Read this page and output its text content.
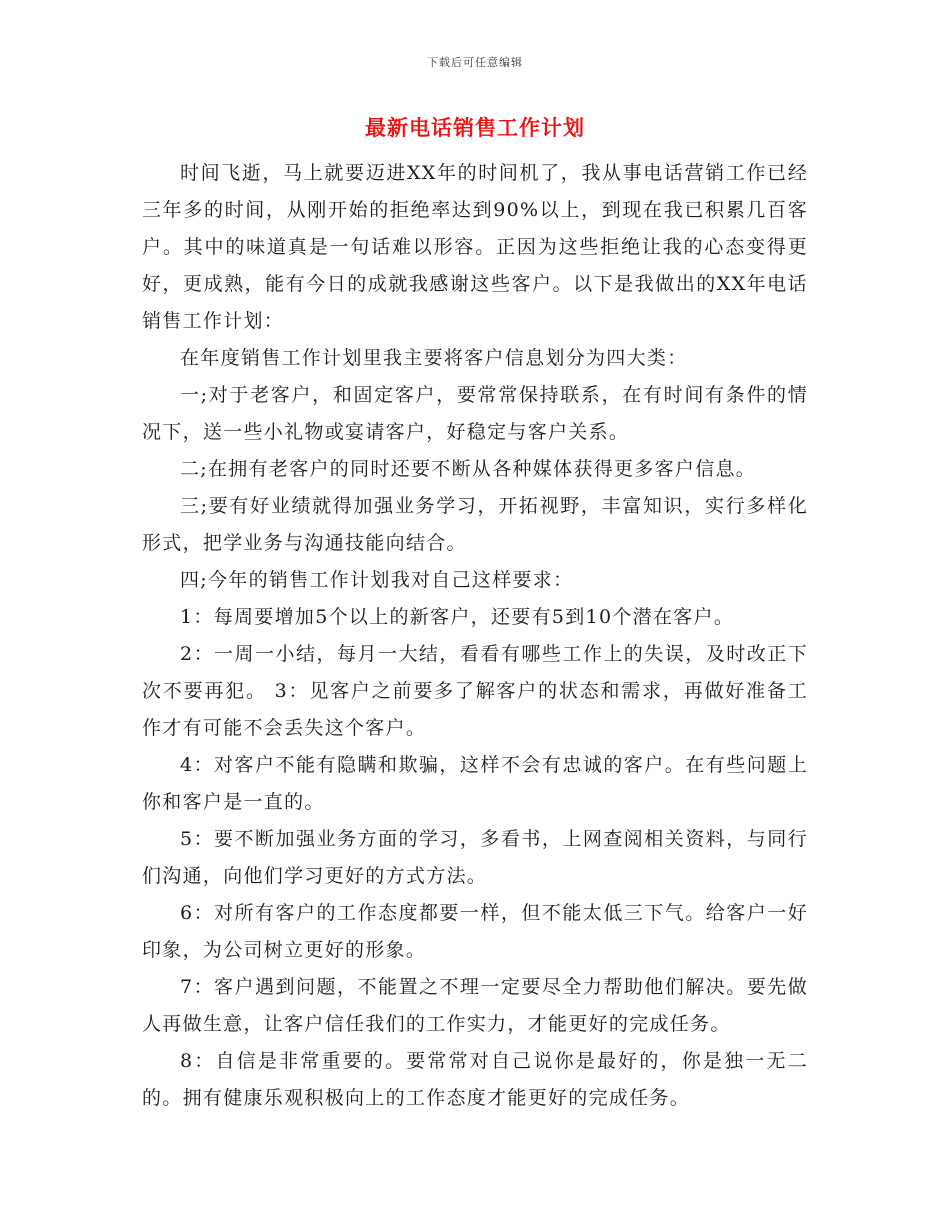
下载后可任意编辑
最新电话销售工作计划

时间飞逝，马上就要迈进XX年的时间机了，我从事电话营销工作已经三年多的时间，从刚开始的拒绝率达到90%以上，到现在我已积累几百客户。其中的味道真是一句话难以形容。正因为这些拒绝让我的心态变得更好，更成熟，能有今日的成就我感谢这些客户。以下是我做出的XX年电话销售工作计划：

在年度销售工作计划里我主要将客户信息划分为四大类：

一;对于老客户，和固定客户，要常常保持联系，在有时间有条件的情况下，送一些小礼物或宴请客户，好稳定与客户关系。

二;在拥有老客户的同时还要不断从各种媒体获得更多客户信息。

三;要有好业绩就得加强业务学习，开拓视野，丰富知识，实行多样化形式，把学业务与沟通技能向结合。

四;今年的销售工作计划我对自己这样要求：

1：每周要增加5个以上的新客户，还要有5到10个潜在客户。

2：一周一小结，每月一大结，看看有哪些工作上的失误，及时改正下次不要再犯。 3：见客户之前要多了解客户的状态和需求，再做好准备工作才有可能不会丢失这个客户。

4：对客户不能有隐瞒和欺骗，这样不会有忠诚的客户。在有些问题上你和客户是一直的。

5：要不断加强业务方面的学习，多看书，上网查阅相关资料，与同行们沟通，向他们学习更好的方式方法。

6：对所有客户的工作态度都要一样，但不能太低三下气。给客户一好印象，为公司树立更好的形象。

7：客户遇到问题，不能置之不理一定要尽全力帮助他们解决。要先做人再做生意，让客户信任我们的工作实力，才能更好的完成任务。

8：自信是非常重要的。要常常对自己说你是最好的，你是独一无二的。拥有健康乐观积极向上的工作态度才能更好的完成任务。
